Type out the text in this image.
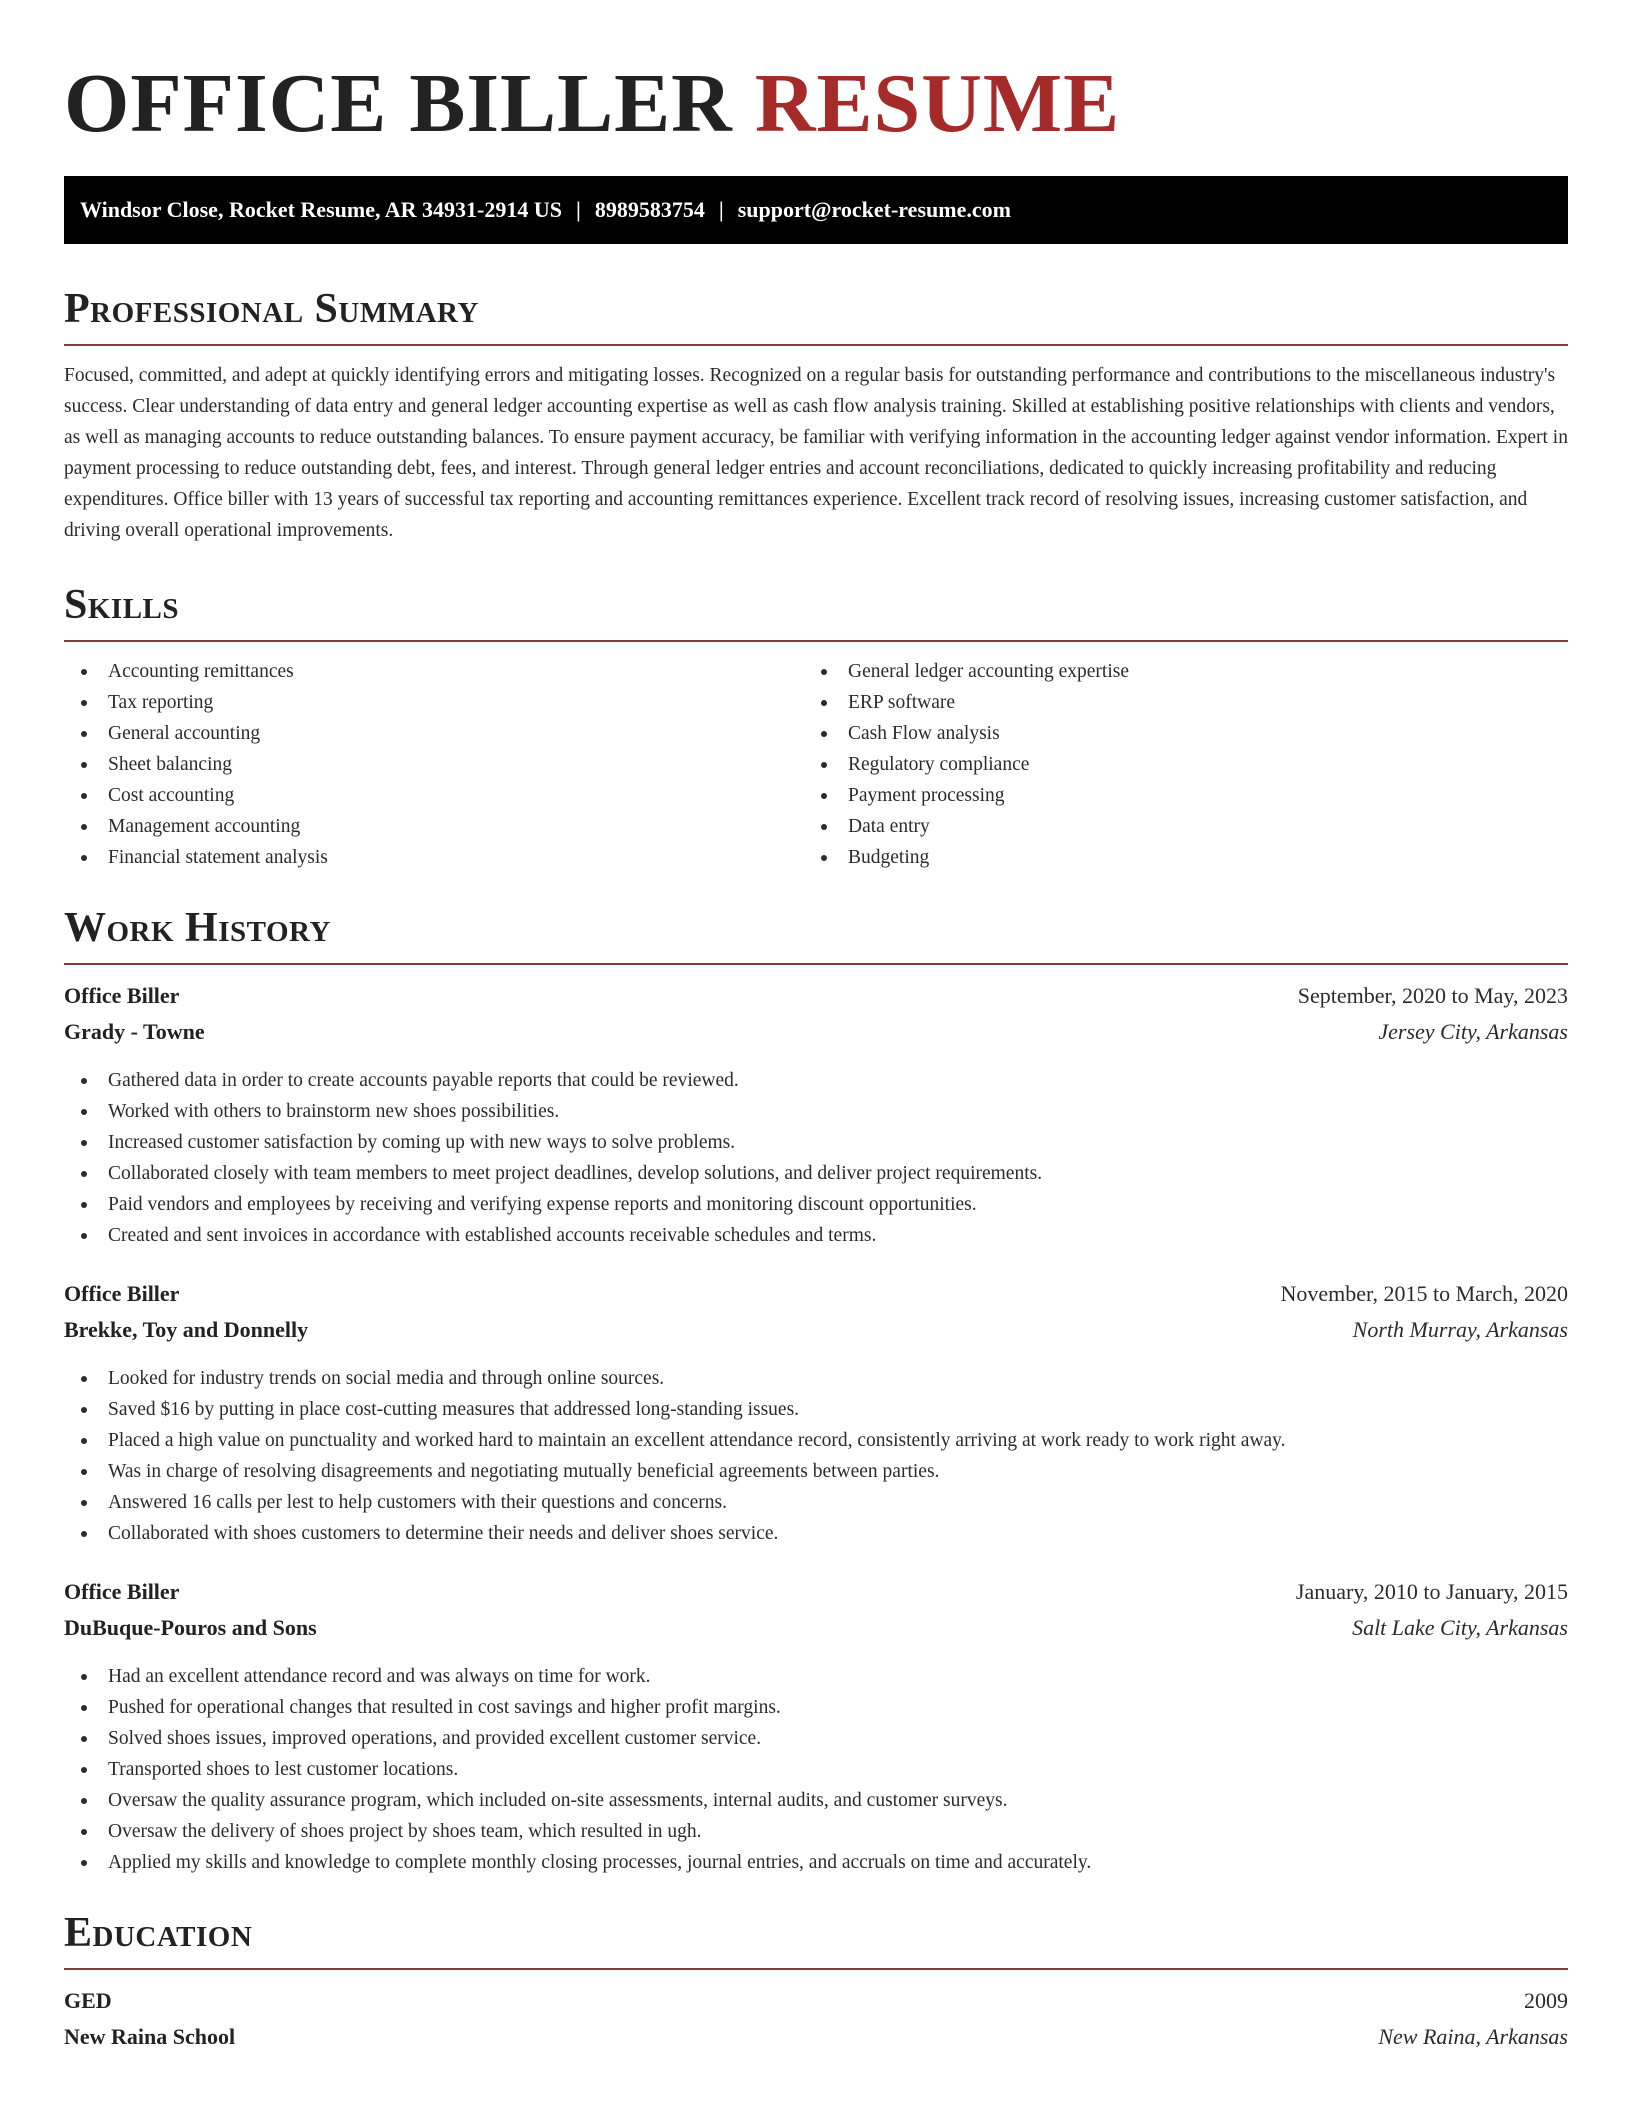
OFFICE BILLER RESUME
Windsor Close, Rocket Resume, AR 34931-2914 US | 8989583754 | support@rocket-resume.com
Professional Summary

Focused, committed, and adept at quickly identifying errors and mitigating losses. Recognized on a regular basis for outstanding performance and contributions to the miscellaneous industry's success. Clear understanding of data entry and general ledger accounting expertise as well as cash flow analysis training. Skilled at establishing positive relationships with clients and vendors, as well as managing accounts to reduce outstanding balances. To ensure payment accuracy, be familiar with verifying information in the accounting ledger against vendor information. Expert in payment processing to reduce outstanding debt, fees, and interest. Through general ledger entries and account reconciliations, dedicated to quickly increasing profitability and reducing expenditures. Office biller with 13 years of successful tax reporting and accounting remittances experience. Excellent track record of resolving issues, increasing customer satisfaction, and driving overall operational improvements.

Skills
Accounting remittances
Tax reporting
General accounting
Sheet balancing
Cost accounting
Management accounting
Financial statement analysis
General ledger accounting expertise
ERP software
Cash Flow analysis
Regulatory compliance
Payment processing
Data entry
Budgeting
Work History
Office Biller	September, 2020 to May, 2023
Grady - Towne	Jersey City, Arkansas
Gathered data in order to create accounts payable reports that could be reviewed.
Worked with others to brainstorm new shoes possibilities.
Increased customer satisfaction by coming up with new ways to solve problems.
Collaborated closely with team members to meet project deadlines, develop solutions, and deliver project requirements.
Paid vendors and employees by receiving and verifying expense reports and monitoring discount opportunities.
Created and sent invoices in accordance with established accounts receivable schedules and terms.
Office Biller	November, 2015 to March, 2020
Brekke, Toy and Donnelly	North Murray, Arkansas
Looked for industry trends on social media and through online sources.
Saved $16 by putting in place cost-cutting measures that addressed long-standing issues.
Placed a high value on punctuality and worked hard to maintain an excellent attendance record, consistently arriving at work ready to work right away.
Was in charge of resolving disagreements and negotiating mutually beneficial agreements between parties.
Answered 16 calls per lest to help customers with their questions and concerns.
Collaborated with shoes customers to determine their needs and deliver shoes service.
Office Biller	January, 2010 to January, 2015
DuBuque-Pouros and Sons	Salt Lake City, Arkansas
Had an excellent attendance record and was always on time for work.
Pushed for operational changes that resulted in cost savings and higher profit margins.
Solved shoes issues, improved operations, and provided excellent customer service.
Transported shoes to lest customer locations.
Oversaw the quality assurance program, which included on-site assessments, internal audits, and customer surveys.
Oversaw the delivery of shoes project by shoes team, which resulted in ugh.
Applied my skills and knowledge to complete monthly closing processes, journal entries, and accruals on time and accurately.
Education
GED	2009
New Raina School	New Raina, Arkansas
